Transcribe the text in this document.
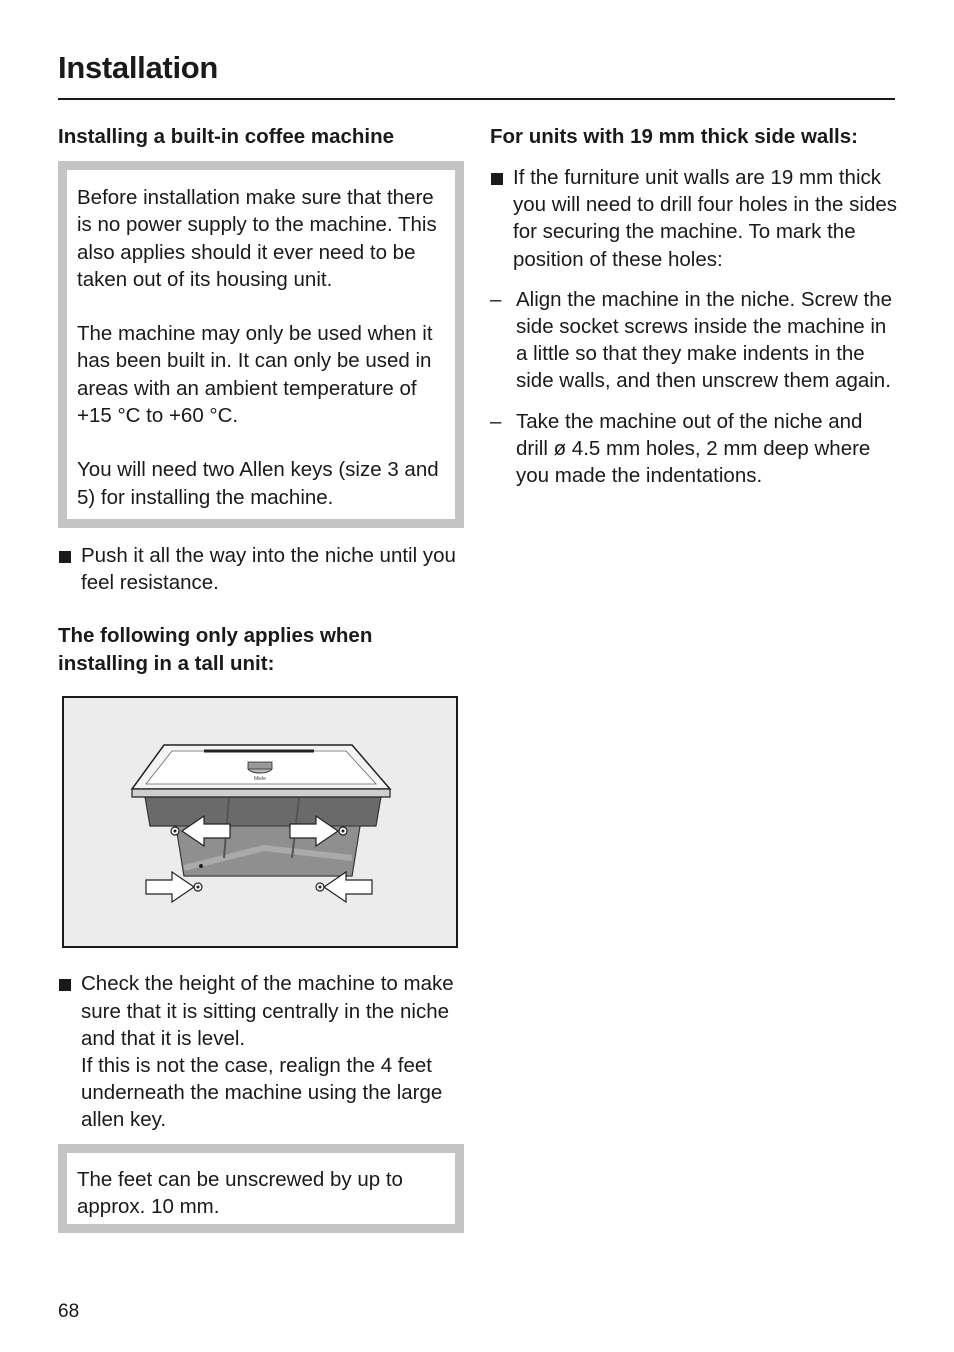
Installation

Installing a built-in coffee machine

Before installation make sure that there is no power supply to the machine. This also applies should it ever need to be taken out of its housing unit.

The machine may only be used when it has been built in. It can only be used in areas with an ambient temperature of +15 °C to +60 °C.

You will need two Allen keys (size 3 and 5) for installing the machine.

Push it all the way into the niche until you feel resistance.

The following only applies when installing in a tall unit:

Miele
Check the height of the machine to make sure that it is sitting centrally in the niche and that it is level.
If this is not the case, realign the 4 feet underneath the machine using the large allen key.

The feet can be unscrewed by up to approx. 10 mm.

For units with 19 mm thick side walls:

If the furniture unit walls are 19 mm thick you will need to drill four holes in the sides for securing the machine. To mark the position of these holes:
– Align the machine in the niche. Screw the side socket screws inside the machine in a little so that they make indents in the side walls, and then unscrew them again.
– Take the machine out of the niche and drill ø 4.5 mm holes, 2 mm deep where you made the indentations.
68
